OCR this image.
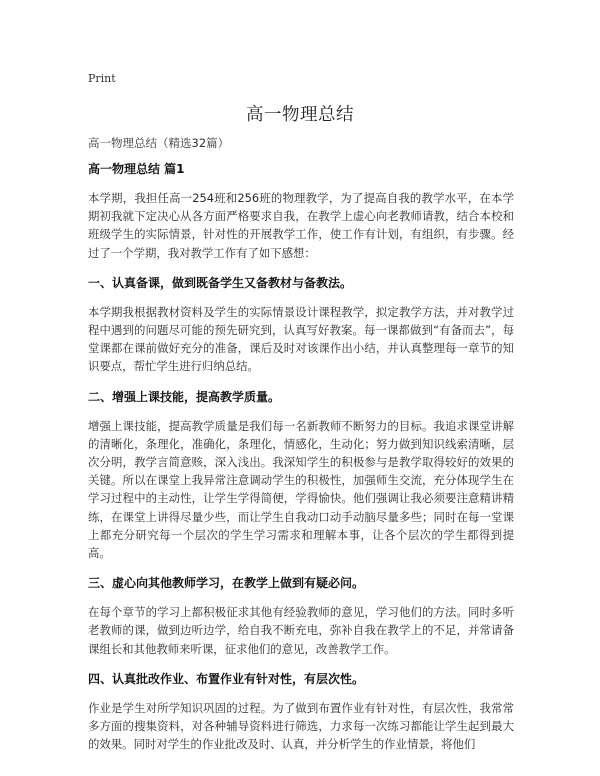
Print
高一物理总结
高一物理总结（精选32篇）
高一物理总结 篇1

本学期，我担任高一254班和256班的物理教学，为了提高自我的教学水平，在本学期初我就下定决心从各方面严格要求自我，在教学上虚心向老教师请教，结合本校和班级学生的实际情景，针对性的开展教学工作，使工作有计划，有组织，有步骤。经过了一个学期，我对教学工作有了如下感想：

一、认真备课，做到既备学生又备教材与备教法。

本学期我根据教材资料及学生的实际情景设计课程教学，拟定教学方法，并对教学过程中遇到的问题尽可能的预先研究到，认真写好教案。每一课都做到“有备而去”，每堂课都在课前做好充分的准备，课后及时对该课作出小结，并认真整理每一章节的知识要点，帮忙学生进行归纳总结。

二、增强上课技能，提高教学质量。

增强上课技能，提高教学质量是我们每一名新教师不断努力的目标。我追求课堂讲解的清晰化，条理化，准确化，条理化，情感化，生动化；努力做到知识线索清晰，层次分明，教学言简意赅，深入浅出。我深知学生的积极参与是教学取得较好的效果的关键。所以在课堂上我异常注意调动学生的积极性，加强师生交流，充分体现学生在学习过程中的主动性，让学生学得简便，学得愉快。他们强调让我必须要注意精讲精练，在课堂上讲得尽量少些，而让学生自我动口动手动脑尽量多些；同时在每一堂课上都充分研究每一个层次的学生学习需求和理解本事，让各个层次的学生都得到提高。

三、虚心向其他教师学习，在教学上做到有疑必问。

在每个章节的学习上都积极征求其他有经验教师的意见，学习他们的方法。同时多听老教师的课，做到边听边学，给自我不断充电，弥补自我在教学上的不足，并常请备课组长和其他教师来听课，征求他们的意见，改善教学工作。

四、认真批改作业、布置作业有针对性，有层次性。

作业是学生对所学知识巩固的过程。为了做到布置作业有针对性，有层次性，我常常多方面的搜集资料，对各种辅导资料进行筛选，力求每一次练习都能让学生起到最大的效果。同时对学生的作业批改及时、认真，并分析学生的作业情景，将他们
